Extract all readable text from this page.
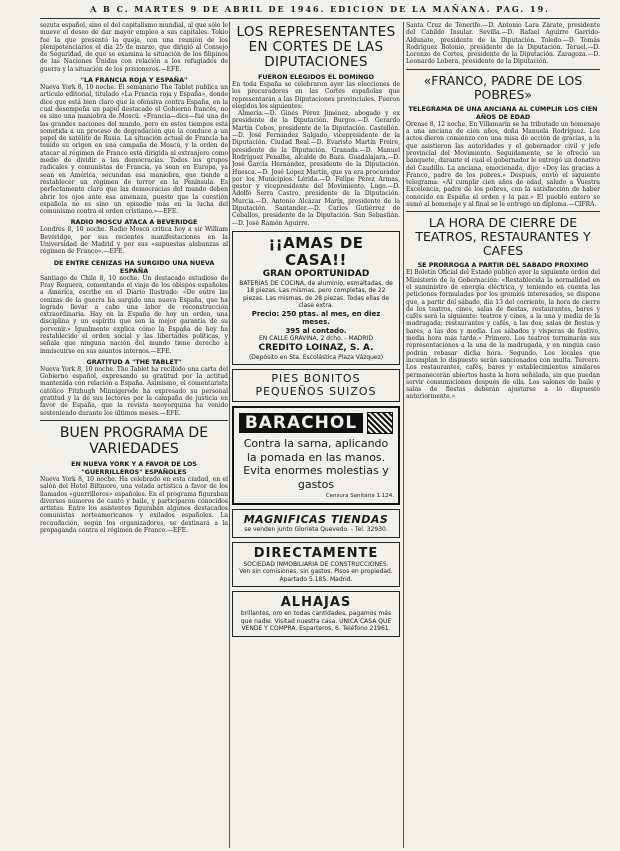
A B C. MARTES 9 DE ABRIL DE 1946. EDICION DE LA MAÑANA. PAG. 19.

sezuta español, sino el del capitalismo mundial, al que sólo le mueve el deseo de dar mayor empleo a sus capitales. Tokio fué la que presentó la queja, con una reunión de los plenipotenciarios el día 25 de marzo, que dirigió al Consejo de Seguridad, de que se examina la situación de los filipinos de las Naciones Unidas con relación a los refugiados de guerra y la situación de los prisioneros.—EFE.

"LA FRANCIA ROJA Y ESPAÑA"

Nueva York 8, 10 noche. El semanario The Tablet publica un artículo editorial, titulado «La Francia roja y España», donde dice que está bien claro que la ofensiva contra España, en la cual desempeña un papel destacado el Gobierno francés, no es sino una maniobra de Moscú. «Francia—dice—fué una de las grandes naciones del mundo, pero en estos tiempos está sometida a un proceso de degradación que la conduce a un papel de satélite de Rusia. La situación actual de Francia ha tenido su origen en una campaña de Moscú, y la orden de atacar al régimen de Franco está dirigida al extranjero como medio de dividir a las democracias. Todos los grupos radicales y comunistas de Francia, ya sean en Europa, ya sean en América, secundan esa maniobra, que tiende a restablecer un régimen de terror en la Península. Es perfectamente claro que las democracias del mundo deben abrir los ojos ante esa amenaza, puesto que la cuestión española no es sino un episodio más en la lucha del comunismo contra el orden cristiano.»—EFE.

RADIO MOSCU ATACA A BEVERIDGE

Londres 8, 10 noche. Radio Moscú critica hoy a sir William Beveridge, por sus recientes manifestaciones en la Universidad de Madrid y por sus «supuestas alabanzas al régimen de Franco».—EFE.

DE ENTRE CENIZAS HA SURGIDO UNA NUEVA ESPAÑA

Santiago de Chile 8, 10 noche. Un destacado estudioso de Fray Reguera, comentando el viaje de los obispos españoles a América, escribe en el Diario Ilustrado: «De entre las cenizas de la guerra ha surgido una nueva España, que ha logrado llevar a cabo una labor de reconstrucción extraordinaria. Hay en la España de hoy un orden, una disciplina y un espíritu que son la mejor garantía de su porvenir.» Igualmente explica cómo la España de hoy ha restablecido el orden social y las libertades políticas, y señala que ninguna nación del mundo tiene derecho a inmiscuirse en sus asuntos internos.—EFE.

GRATITUD A "THE TABLET"

Nueva York 8, 10 noche. The Tablet ha recibido una carta del Gobierno español, expresando su gratitud por la actitud mantenida con relación a España. Asimismo, el comentarista católico Fitzhugh Minnigerode ha expresado su personal gratitud y la de sus lectores por la campaña de justicia en favor de España, que la revista neoyorquina ha venido sosteniendo durante los últimos meses.—EFE.

BUEN PROGRAMA DE VARIEDADES
EN NUEVA YORK Y A FAVOR DE LOS "GUERRILLEROS" ESPAÑOLES

Nueva York 8, 10 noche. Ha celebrado en esta ciudad, en el salón del Hotel Biltmore, una velada artística a favor de los llamados «guerrilleros» españoles. En el programa figuraban diversos números de canto y baile, y participaron conocidos artistas. Entre los asistentes figuraban algunos destacados comunistas norteamericanos y exilados españoles. La recaudación, según los organizadores, se destinará a la propaganda contra el régimen de Franco.—EFE.

LOS REPRESENTANTES EN CORTES DE LAS DIPUTACIONES
FUERON ELEGIDOS EL DOMINGO

En toda España se celebraron ayer las elecciones de los procuradores en las Cortes españolas que representarán a las Diputaciones provinciales. Fueron elegidos los siguientes:

Almería.—D. Ginés Pérez Jiménez, abogado y ex presidente de la Diputación. Burgos.—D. Gerardo Martín Cobos, presidente de la Diputación. Castellón.—D. José Fernández Salgado, vicepresidente de la Diputación. Ciudad Real.—D. Evaristo Martín Freire, presidente de la Diputación. Granada.—D. Manuel Rodríguez Penalba, alcalde de Baza. Guadalajara.—D. José García Hernández, presidente de la Diputación. Huesca.—D. José López Martín, que ya era procurador por los Municipios. Lérida.—D. Felipe Pérez Armas, gestor y vicepresidente del Movimiento. Lugo.—D. Adolfo Serra Castro, presidente de la Diputación. Murcia.—D. Antonio Alcázar Marín, presidente de la Diputación. Santander.—D. Carlos Gutiérrez de Ceballos, presidente de la Diputación. San Sebastián.—D. José Ramón Aguirre.

¡¡AMAS DE CASA!!
GRAN OPORTUNIDAD
BATERÍAS DE COCINA, de aluminio, esmaltadas, de 18 piezas. Las mismas, pero completas, de 22 piezas. Las mismas, de 28 piezas. Todas ellas de clase extra.
Precio: 250 ptas. al mes, en diez meses.
395 al contado.
EN CALLE GRAVINA, 2 dcho. - MADRID
CREDITO LOINAZ, S. A.
(Depósito en Sta. Escolástica Plaza Vázquez)
PIES BONITOS PEQUEÑOS SUIZOS
BARACHOL
Contra la sarna, aplicando la pomada en las manos. Evita enormes molestias y gastos
Censura Sanitaria 1.124.
MAGNIFICAS TIENDAS
se venden junto Glorieta Quevedo. - Tel. 32930.
DIRECTAMENTE
SOCIEDAD INMOBILIARIA DE CONSTRUCCIONES. Ven sin comisiones, sin gastos. Pisos en propiedad. Apartado 5.185. Madrid.
ALHAJAS
brillantes, oro en todas cantidades, pagamos más que nadie. Visitad nuestra casa. UNICA CASA QUE VENDE Y COMPRA. Esparteros, 6. Teléfono 21961.

Santa Cruz de Tenerife.—D. Antonio Lara Zárate, presidente del Cabildo Insular. Sevilla.—D. Rafael Aguirre Garrido-Aldunate, presidente de la Diputación. Toledo.—D. Tomás Rodríguez Bolonio, presidente de la Diputación. Teruel.—D. Lorenzo de Cortes, presidente de la Diputación. Zaragoza.—D. Leonardo Lobera, presidente de la Diputación.

«FRANCO, PADRE DE LOS POBRES»
TELEGRAMA DE UNA ANCIANA AL CUMPLIR LOS CIEN AÑOS DE EDAD

Orense 8, 12 noche. En Villamarín se ha tributado un homenaje a una anciana de cien años, doña Manuela Rodríguez. Los actos dieron comienzo con una misa de acción de gracias, a la que asistieron las autoridades y el gobernador civil y jefe provincial del Movimiento. Seguidamente, se le ofreció un banquete, durante el cual el gobernador le entregó un donativo del Caudillo. La anciana, emocionada, dijo: «Doy las gracias a Franco, padre de los pobres.» Después, envió el siguiente telegrama: «Al cumplir cien años de edad, saludo a Vuestra Excelencia, padre de los pobres, con la satisfacción de haber conocido en España el orden y la paz.» El pueblo entero se sumó al homenaje y al final se le entregó un diploma.—CIFRA.

LA HORA DE CIERRE DE TEATROS, RESTAURANTES Y CAFES
SE PRORROGA A PARTIR DEL SABADO PROXIMO

El Boletín Oficial del Estado publicó ayer la siguiente orden del Ministerio de la Gobernación: «Restablecida la normalidad en el suministro de energía eléctrica, y teniendo en cuenta las peticiones formuladas por los gremios interesados, se dispone que, a partir del sábado, día 13 del corriente, la hora de cierre de los teatros, cines, salas de fiestas, restaurantes, bares y cafés será la siguiente: teatros y cines, a la una y media de la madrugada; restaurantes y cafés, a las dos; salas de fiestas y bares, a las dos y media. Los sábados y vísperas de festivo, media hora más tarde.» Primero. Los teatros terminarán sus representaciones a la una de la madrugada, y en ningún caso podrán rebasar dicha hora. Segundo. Los locales que incumplan lo dispuesto serán sancionados con multa. Tercero. Los restaurantes, cafés, bares y establecimientos similares permanecerán abiertos hasta la hora señalada, sin que puedan servir consumiciones después de ella. Los salones de baile y salas de fiestas deberán ajustarse a lo dispuesto anteriormente.»
